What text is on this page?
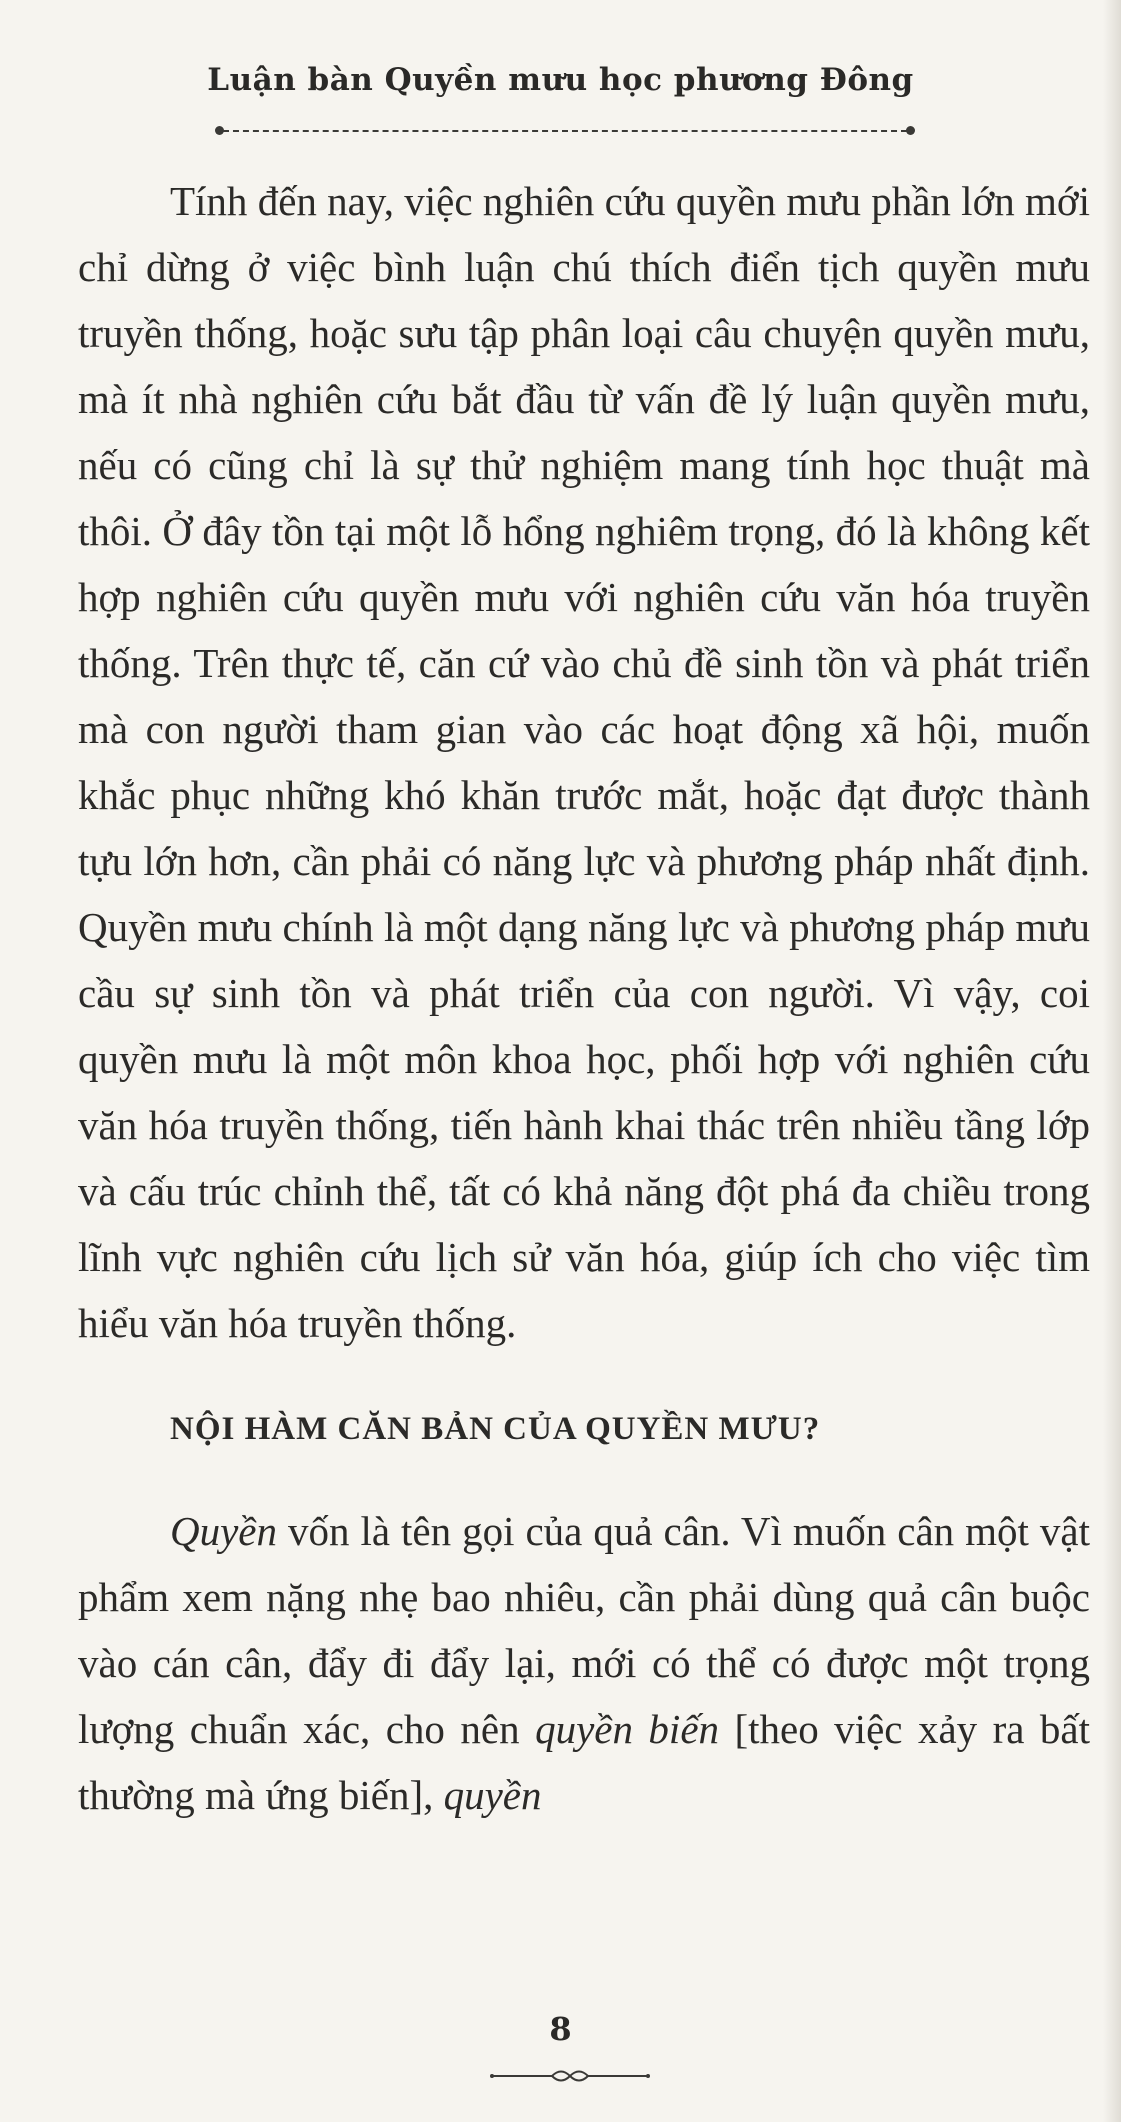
Luận bàn Quyền mưu học phương Đông

Tính đến nay, việc nghiên cứu quyền mưu phần lớn mới chỉ dừng ở việc bình luận chú thích điển tịch quyền mưu truyền thống, hoặc sưu tập phân loại câu chuyện quyền mưu, mà ít nhà nghiên cứu bắt đầu từ vấn đề lý luận quyền mưu, nếu có cũng chỉ là sự thử nghiệm mang tính học thuật mà thôi. Ở đây tồn tại một lỗ hổng nghiêm trọng, đó là không kết hợp nghiên cứu quyền mưu với nghiên cứu văn hóa truyền thống. Trên thực tế, căn cứ vào chủ đề sinh tồn và phát triển mà con người tham gian vào các hoạt động xã hội, muốn khắc phục những khó khăn trước mắt, hoặc đạt được thành tựu lớn hơn, cần phải có năng lực và phương pháp nhất định. Quyền mưu chính là một dạng năng lực và phương pháp mưu cầu sự sinh tồn và phát triển của con người. Vì vậy, coi quyền mưu là một môn khoa học, phối hợp với nghiên cứu văn hóa truyền thống, tiến hành khai thác trên nhiều tầng lớp và cấu trúc chỉnh thể, tất có khả năng đột phá đa chiều trong lĩnh vực nghiên cứu lịch sử văn hóa, giúp ích cho việc tìm hiểu văn hóa truyền thống.

NỘI HÀM CĂN BẢN CỦA QUYỀN MƯU?

Quyền vốn là tên gọi của quả cân. Vì muốn cân một vật phẩm xem nặng nhẹ bao nhiêu, cần phải dùng quả cân buộc vào cán cân, đẩy đi đẩy lại, mới có thể có được một trọng lượng chuẩn xác, cho nên quyền biến [theo việc xảy ra bất thường mà ứng biến], quyền

8
